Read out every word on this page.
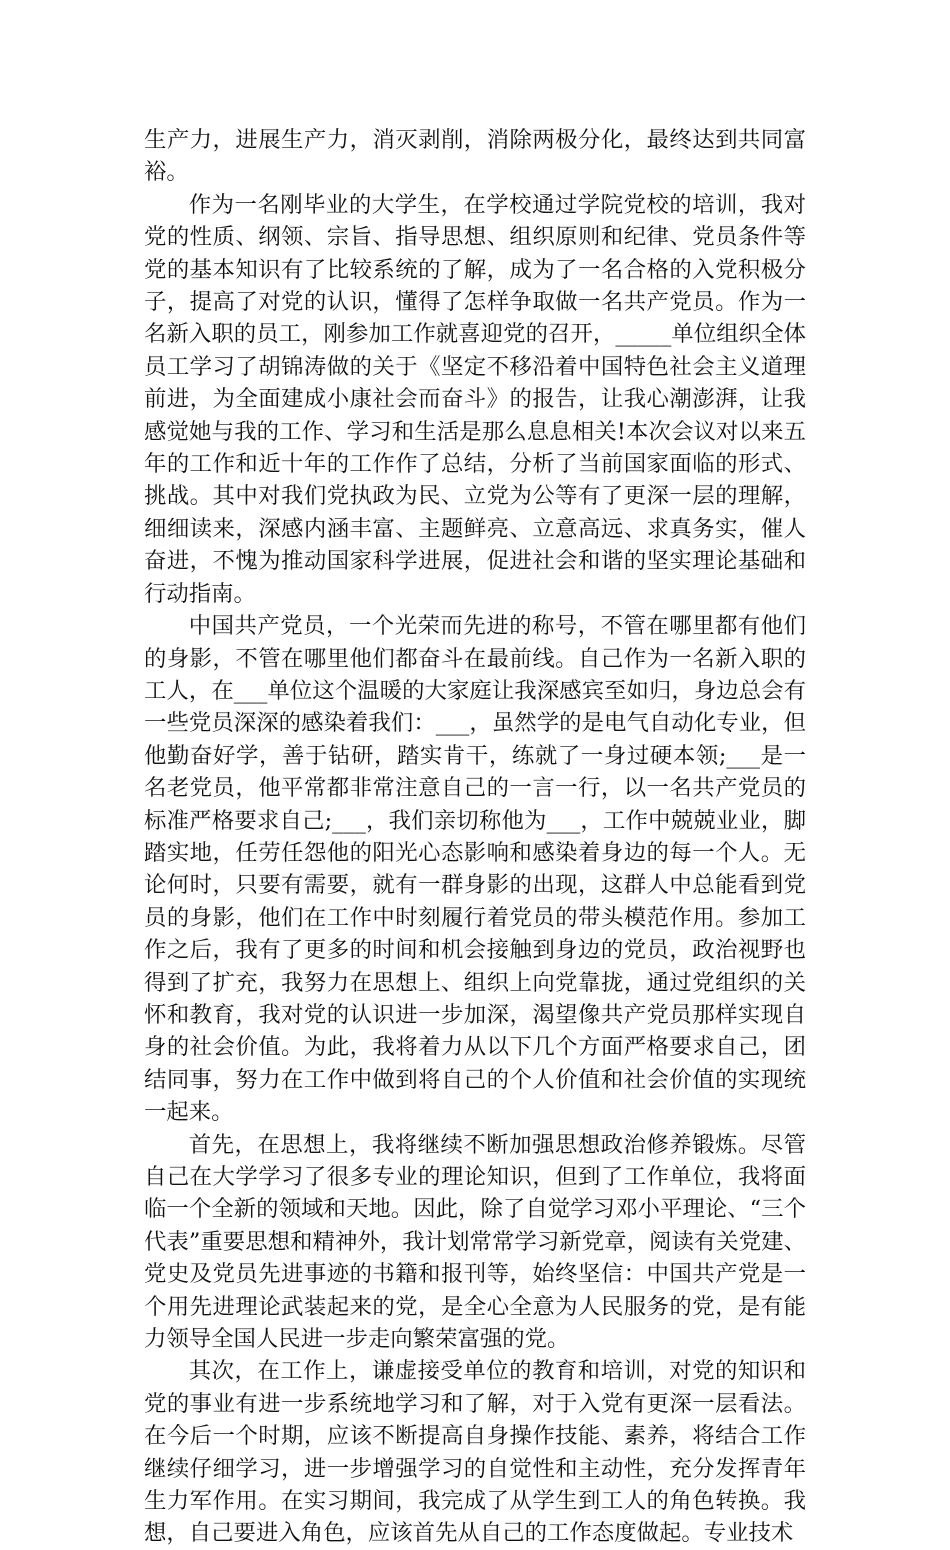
生产力，进展生产力，消灭剥削，消除两极分化，最终达到共同富裕。

作为一名刚毕业的大学生，在学校通过学院党校的培训，我对党的性质、纲领、宗旨、指导思想、组织原则和纪律、党员条件等党的基本知识有了比较系统的了解，成为了一名合格的入党积极分子，提高了对党的认识，懂得了怎样争取做一名共产党员。作为一名新入职的员工，刚参加工作就喜迎党的召开，_____单位组织全体员工学习了胡锦涛做的关于《坚定不移沿着中国特色社会主义道理前进，为全面建成小康社会而奋斗》的报告，让我心潮澎湃，让我感觉她与我的工作、学习和生活是那么息息相关!本次会议对以来五年的工作和近十年的工作作了总结，分析了当前国家面临的形式、挑战。其中对我们党执政为民、立党为公等有了更深一层的理解，细细读来，深感内涵丰富、主题鲜亮、立意高远、求真务实，催人奋进，不愧为推动国家科学进展，促进社会和谐的坚实理论基础和行动指南。

中国共产党员，一个光荣而先进的称号，不管在哪里都有他们的身影，不管在哪里他们都奋斗在最前线。自己作为一名新入职的工人，在___单位这个温暖的大家庭让我深感宾至如归，身边总会有一些党员深深的感染着我们：___，虽然学的是电气自动化专业，但他勤奋好学，善于钻研，踏实肯干，练就了一身过硬本领;___是一名老党员，他平常都非常注意自己的一言一行，以一名共产党员的标准严格要求自己;___，我们亲切称他为___，工作中兢兢业业，脚踏实地，任劳任怨他的阳光心态影响和感染着身边的每一个人。无论何时，只要有需要，就有一群身影的出现，这群人中总能看到党员的身影，他们在工作中时刻履行着党员的带头模范作用。参加工作之后，我有了更多的时间和机会接触到身边的党员，政治视野也得到了扩充，我努力在思想上、组织上向党靠拢，通过党组织的关怀和教育，我对党的认识进一步加深，渴望像共产党员那样实现自身的社会价值。为此，我将着力从以下几个方面严格要求自己，团结同事，努力在工作中做到将自己的个人价值和社会价值的实现统一起来。

首先，在思想上，我将继续不断加强思想政治修养锻炼。尽管自己在大学学习了很多专业的理论知识，但到了工作单位，我将面临一个全新的领域和天地。因此，除了自觉学习邓小平理论、“三个代表”重要思想和精神外，我计划常常学习新党章，阅读有关党建、党史及党员先进事迹的书籍和报刊等，始终坚信：中国共产党是一个用先进理论武装起来的党，是全心全意为人民服务的党，是有能力领导全国人民进一步走向繁荣富强的党。

其次，在工作上，谦虚接受单位的教育和培训，对党的知识和党的事业有进一步系统地学习和了解，对于入党有更深一层看法。在今后一个时期，应该不断提高自身操作技能、素养，将结合工作继续仔细学习，进一步增强学习的自觉性和主动性，充分发挥青年生力军作用。在实习期间，我完成了从学生到工人的角色转换。我想，自己要进入角色，应该首先从自己的工作态度做起。专业技术
